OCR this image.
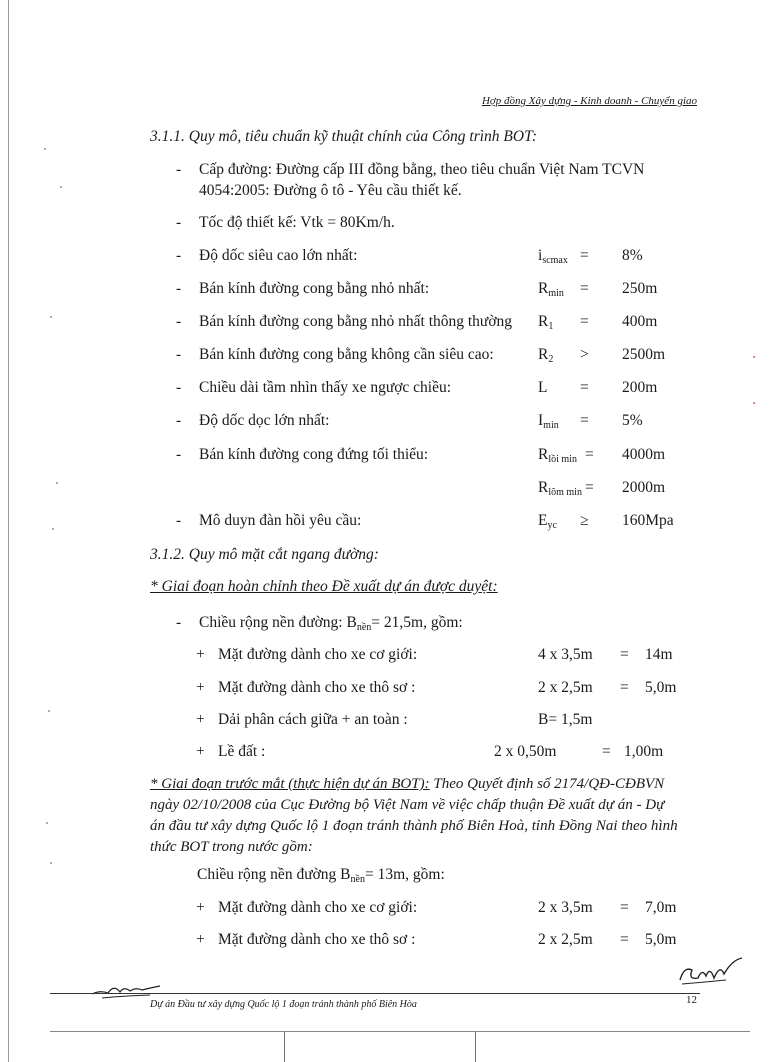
Hợp đồng Xây dựng - Kinh doanh - Chuyển giao
3.1.1. Quy mô, tiêu chuẩn kỹ thuật chính của Công trình BOT:
- Cấp đường: Đường cấp III đồng bằng, theo tiêu chuẩn Việt Nam TCVN
4054:2005: Đường ô tô - Yêu cầu thiết kế.
- Tốc độ thiết kế: Vtk = 80Km/h.
- Độ dốc siêu cao lớn nhất:	$i_{scmax} = 8\%$
- Bán kính đường cong bằng nhỏ nhất:	$R_{min} = 250m$
- Bán kính đường cong bằng nhỏ nhất thông thường $R_1 = 400m$
- Bán kính đường cong bằng không cần siêu cao:	$R_2 > 2500m$
- Chiều dài tầm nhìn thấy xe ngược chiều:	L = 200m
- Độ dốc dọc lớn nhất:	$I_{min} = 5\%$
- Bán kính đường cong đứng tối thiểu:	$R_{lồi min} = 4000m$
$R_{lõm min} = 2000m$
- Mô duyn đàn hồi yêu cầu:	$E_{yc} \ge 160Mpa$
3.1.2. Quy mô mặt cắt ngang đường:
* Giai đoạn hoàn chỉnh theo Đề xuất dự án được duyệt:
- Chiều rộng nền đường: $B_{nền}= 21,5m$, gồm:
+ Mặt đường dành cho xe cơ giới:	4 x 3,5m = 14m
+ Mặt đường dành cho xe thô sơ :	2 x 2,5m = 5,0m
+ Dải phân cách giữa + an toàn :	B= 1,5m
+ Lề đất :	2 x 0,50m	= 1,00m
* Giai đoạn trước mắt (thực hiện dự án BOT): Theo Quyết định số 2174/QĐ-CĐBVN
ngày 02/10/2008 của Cục Đường bộ Việt Nam về việc chấp thuận Đề xuất dự án - Dự
án đầu tư xây dựng Quốc lộ 1 đoạn tránh thành phố Biên Hoà, tỉnh Đồng Nai theo hình
thức BOT trong nước gồm:
Chiều rộng nền đường $B_{nền}= 13m$, gồm:
+ Mặt đường dành cho xe cơ giới:	2 x 3,5m = 7,0m
+ Mặt đường dành cho xe thô sơ :	2 x 2,5m = 5,0m
Dự án Đầu tư xây dựng Quốc lộ 1 đoạn tránh thành phố Biên Hòa	12
